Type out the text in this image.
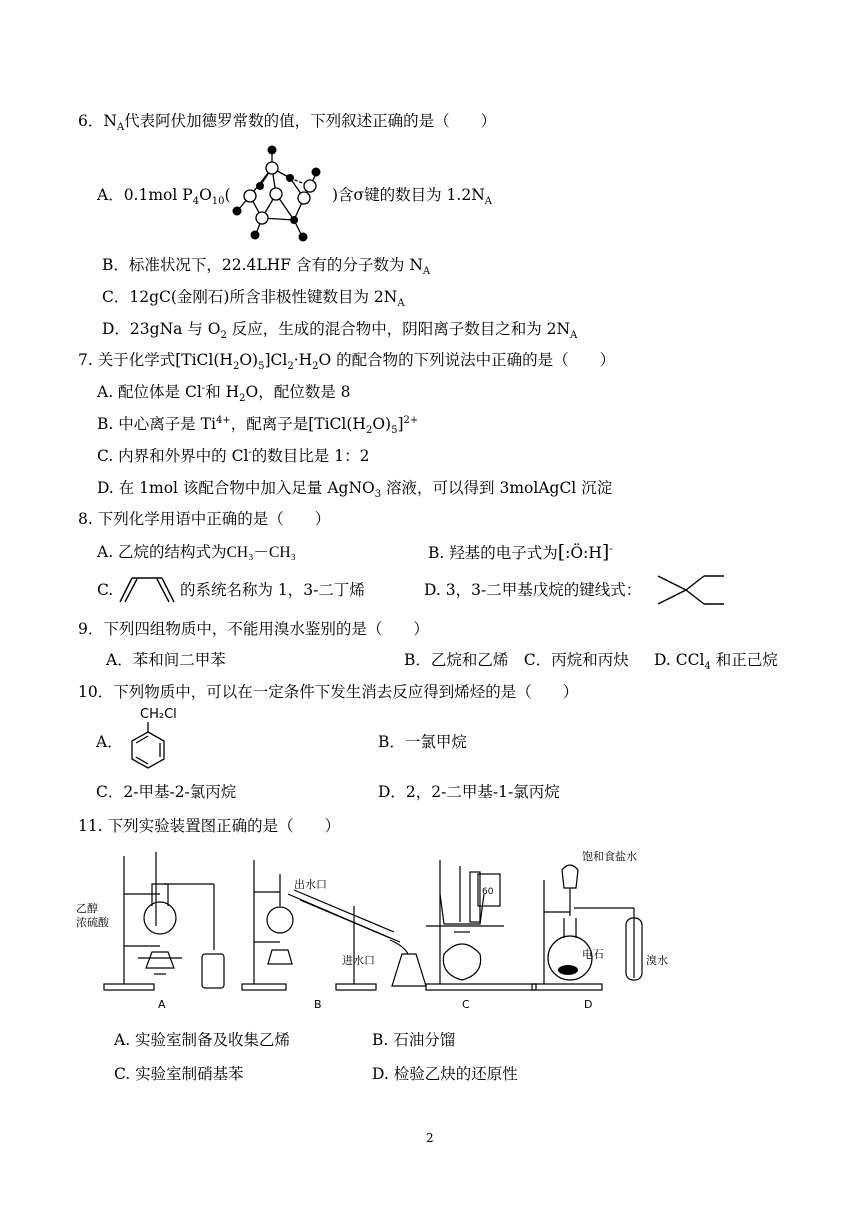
6．$N_A$代表阿伏加德罗常数的值，下列叙述正确的是（　　）
A．0.1mol $P_4O_{10}$(	)含σ键的数目为 $1.2N_A$
B．标准状况下，22.4LHF 含有的分子数为 $N_A$
C．12gC(金刚石)所含非极性键数目为 $2N_A$
D．23gNa 与 $O_2$ 反应，生成的混合物中，阴阳离子数目之和为 $2N_A$
7. 关于化学式$[TiCl(H_2O)_5]Cl_2\cdot H_2O$ 的配合物的下列说法中正确的是（　　）
A. 配位体是 Cl-和 $H_2O$，配位数是 8
B. 中心离子是 $Ti^{4+}$，配离子是$[TiCl(H_2O)_5]^{2+}$
C. 内界和外界中的 Cl-的数目比是 1：2
D. 在 1mol 该配合物中加入足量 AgNO$_3$ 溶液，可以得到 3molAgCl 沉淀
8. 下列化学用语中正确的是（　　）
A. 乙烷的结构式为CH₃－CH₃	B. 羟基的电子式为[:Ö:H]-
C.	的系统名称为 1，3-二丁烯	D. 3，3-二甲基戊烷的键线式：
9．下列四组物质中，不能用溴水鉴别的是（　　）
A．苯和间二甲苯	B．乙烷和乙烯　C．丙烷和丙炔 D. CCl$_4$ 和正己烷
10．下列物质中，可以在一定条件下发生消去反应得到烯烃的是（　　）
A．
CH₂Cl
B．一氯甲烷
C．2-甲基-2-氯丙烷	D．2，2-二甲基-1-氯丙烷
11. 下列实验装置图正确的是（　　）
乙醇
浓硫酸
A
出水口
进水口
B
60
C
饱和食盐水
电石	溴水
D
A. 实验室制备及收集乙烯	B. 石油分馏
C. 实验室制硝基苯	D. 检验乙炔的还原性
2
